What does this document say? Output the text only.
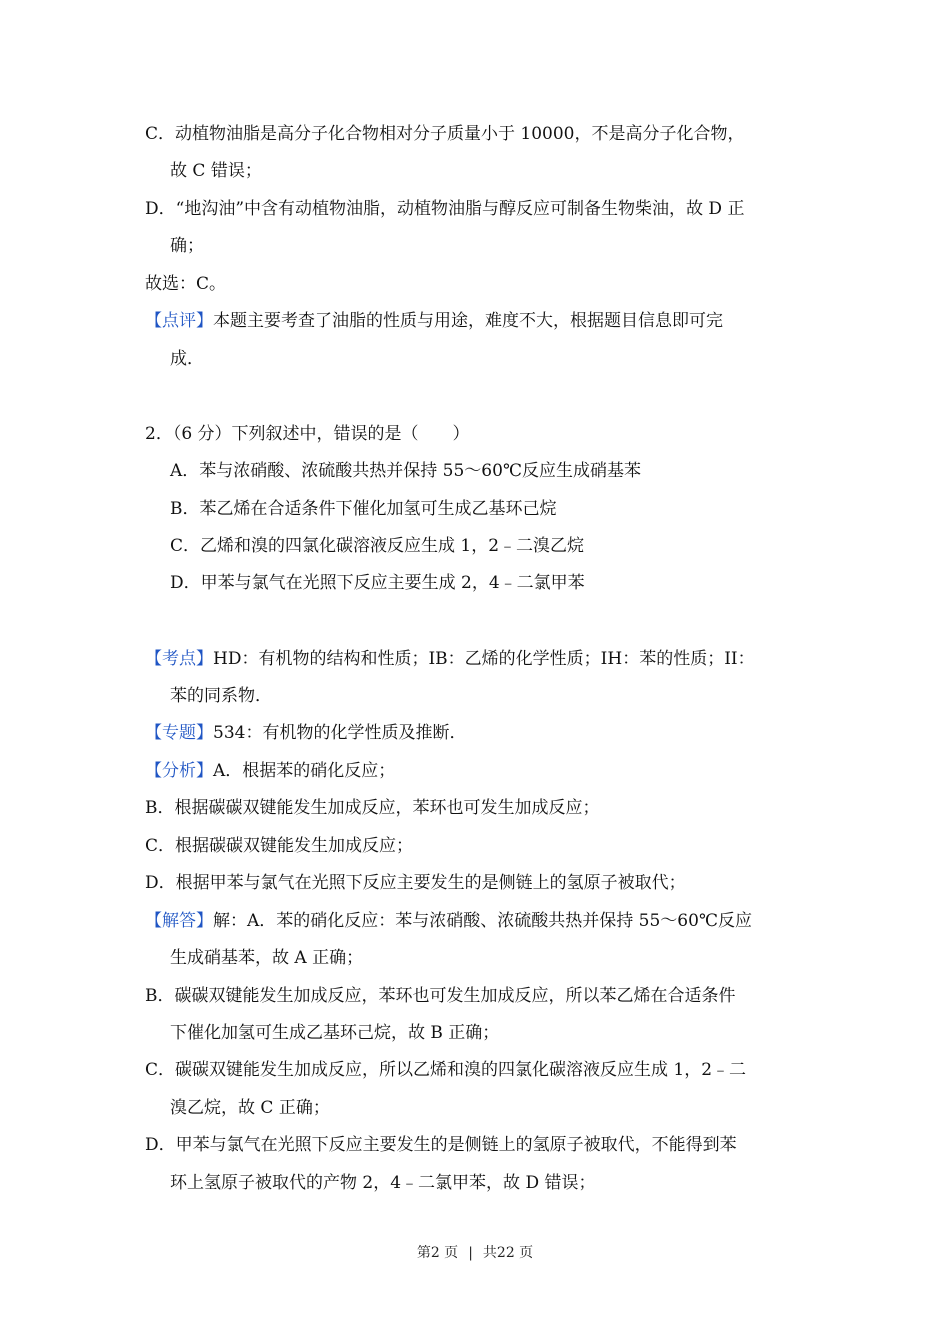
C．动植物油脂是高分子化合物相对分子质量小于 10000，不是高分子化合物，
故 C 错误；
D．“地沟油”中含有动植物油脂，动植物油脂与醇反应可制备生物柴油，故 D 正
确；
故选：C。
【点评】本题主要考查了油脂的性质与用途，难度不大，根据题目信息即可完
成．
2．（6 分）下列叙述中，错误的是（　　）
A．苯与浓硝酸、浓硫酸共热并保持 55～60℃反应生成硝基苯
B．苯乙烯在合适条件下催化加氢可生成乙基环己烷
C．乙烯和溴的四氯化碳溶液反应生成 1，2﹣二溴乙烷
D．甲苯与氯气在光照下反应主要生成 2，4﹣二氯甲苯
【考点】HD：有机物的结构和性质；IB：乙烯的化学性质；IH：苯的性质；II：
苯的同系物．
【专题】534：有机物的化学性质及推断．
【分析】A．根据苯的硝化反应；
B．根据碳碳双键能发生加成反应，苯环也可发生加成反应；
C．根据碳碳双键能发生加成反应；
D．根据甲苯与氯气在光照下反应主要发生的是侧链上的氢原子被取代；
【解答】解：A．苯的硝化反应：苯与浓硝酸、浓硫酸共热并保持 55～60℃反应
生成硝基苯，故 A 正确；
B．碳碳双键能发生加成反应，苯环也可发生加成反应，所以苯乙烯在合适条件
下催化加氢可生成乙基环己烷，故 B 正确；
C．碳碳双键能发生加成反应，所以乙烯和溴的四氯化碳溶液反应生成 1，2﹣二
溴乙烷，故 C 正确；
D．甲苯与氯气在光照下反应主要发生的是侧链上的氢原子被取代，不能得到苯
环上氢原子被取代的产物 2，4﹣二氯甲苯，故 D 错误；
第2 页 | 共22 页
